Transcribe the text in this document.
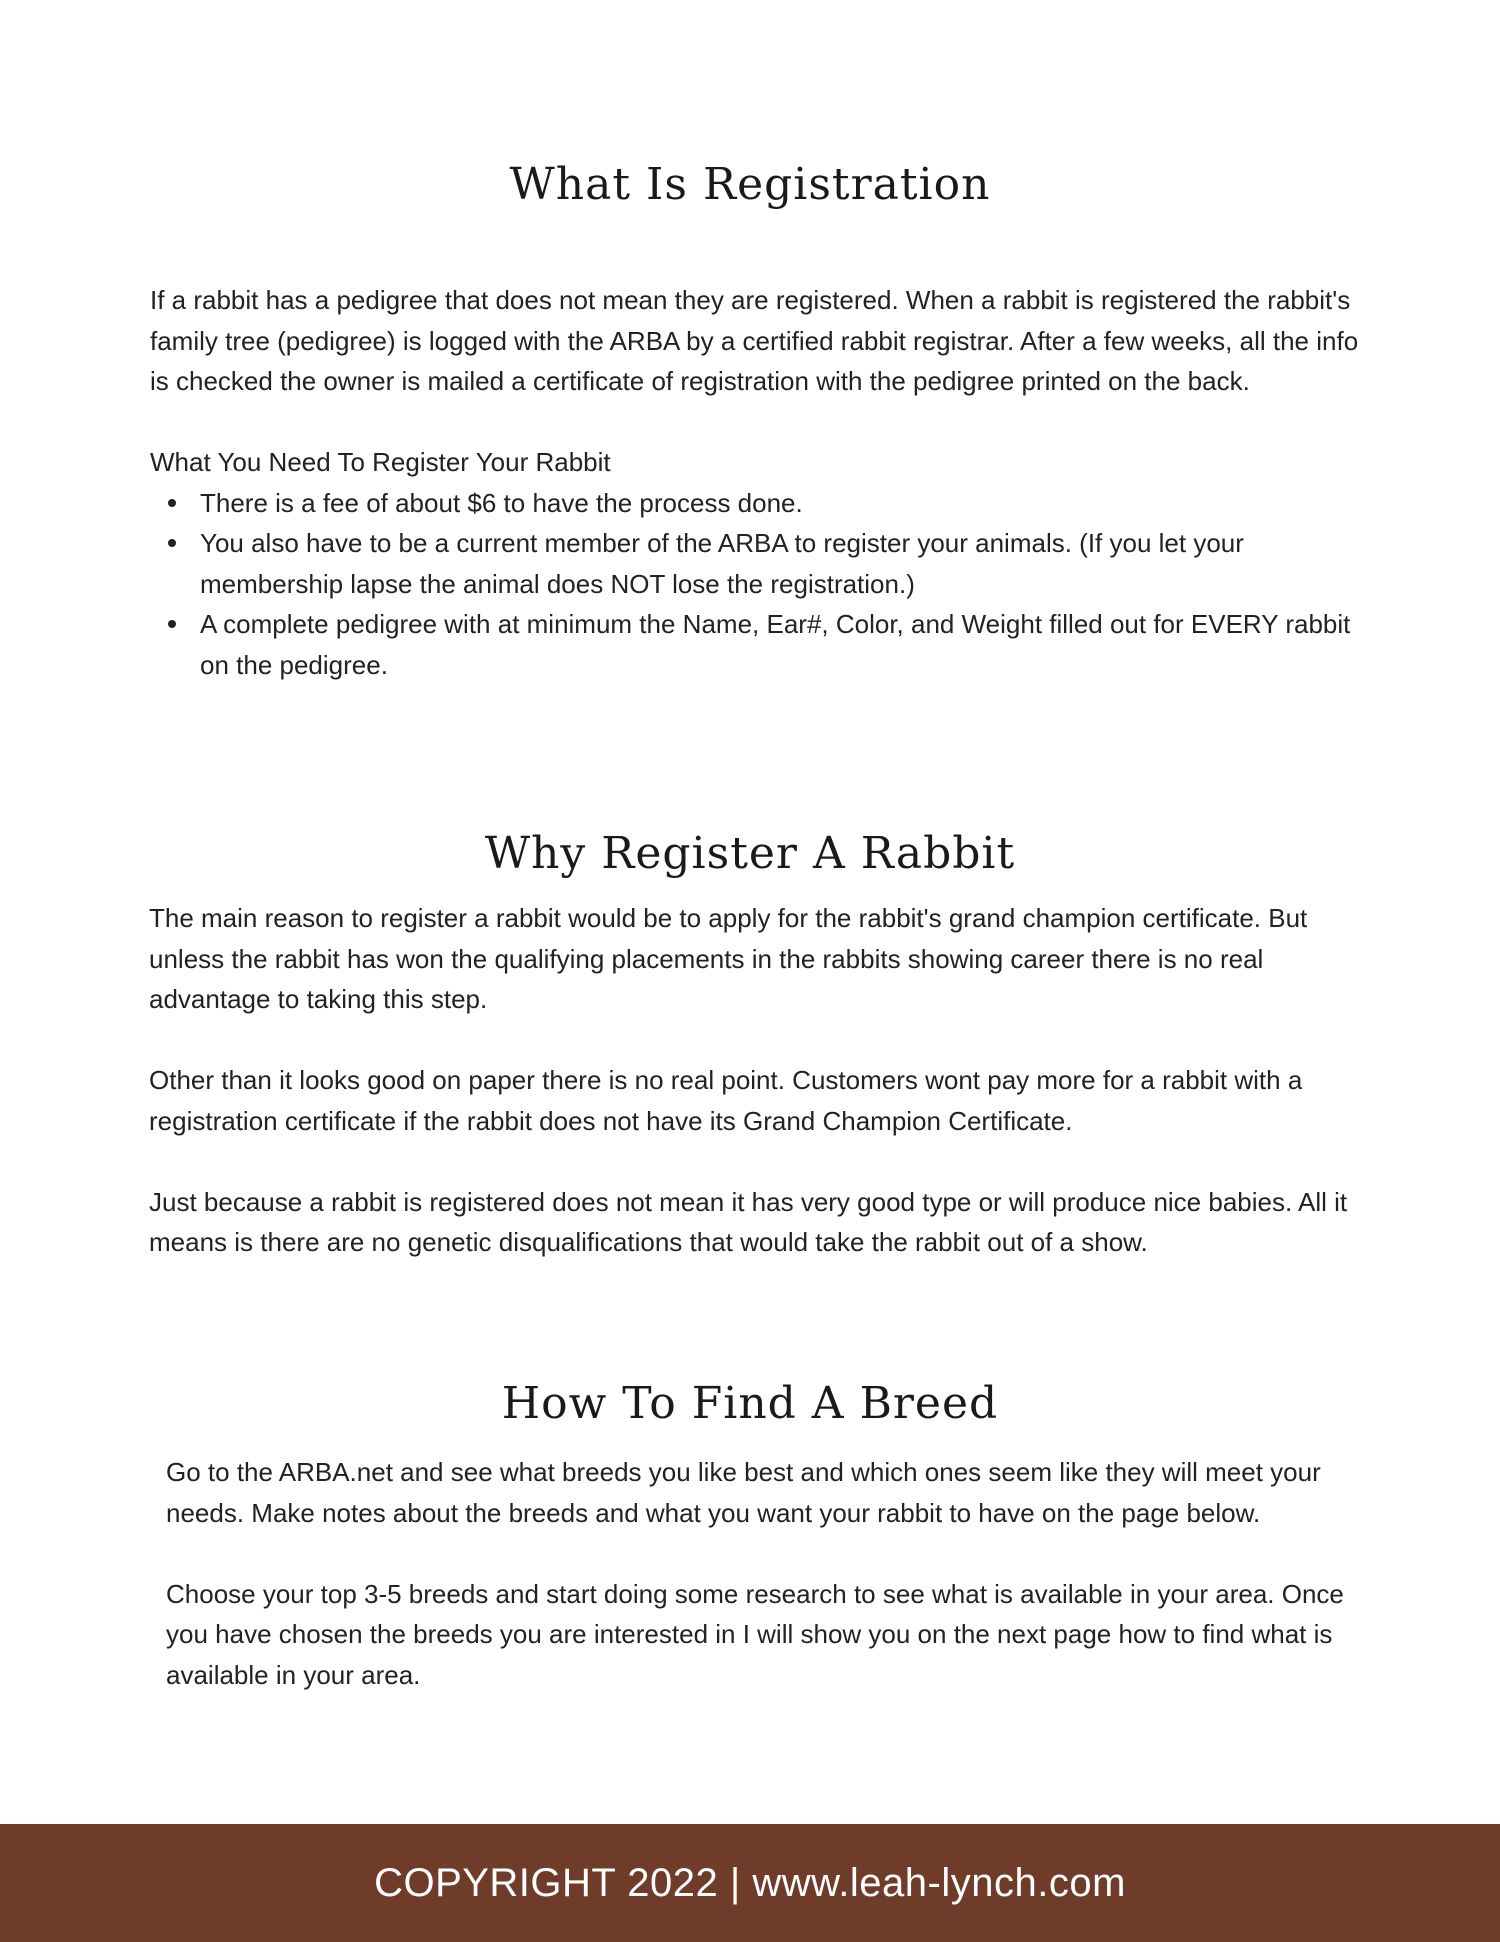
What Is Registration

If a rabbit has a pedigree that does not mean they are registered. When a rabbit is registered the rabbit's family tree (pedigree) is logged with the ARBA by a certified rabbit registrar. After a few weeks, all the info is checked the owner is mailed a certificate of registration with the pedigree printed on the back.

What You Need To Register Your Rabbit

There is a fee of about $6 to have the process done.
You also have to be a current member of the ARBA to register your animals. (If you let your membership lapse the animal does NOT lose the registration.)
A complete pedigree with at minimum the Name, Ear#, Color, and Weight filled out for EVERY rabbit on the pedigree.
Why Register A Rabbit

The main reason to register a rabbit would be to apply for the rabbit's grand champion certificate. But unless the rabbit has won the qualifying placements in the rabbits showing career there is no real advantage to taking this step.

Other than it looks good on paper there is no real point. Customers wont pay more for a rabbit with a registration certificate if the rabbit does not have its Grand Champion Certificate.

Just because a rabbit is registered does not mean it has very good type or will produce nice babies. All it means is there are no genetic disqualifications that would take the rabbit out of a show.

How To Find A Breed

Go to the ARBA.net and see what breeds you like best and which ones seem like they will meet your needs. Make notes about the breeds and what you want your rabbit to have on the page below.

Choose your top 3-5 breeds and start doing some research to see what is available in your area. Once you have chosen the breeds you are interested in I will show you on the next page how to find what is available in your area.

COPYRIGHT 2022 | www.leah-lynch.com
